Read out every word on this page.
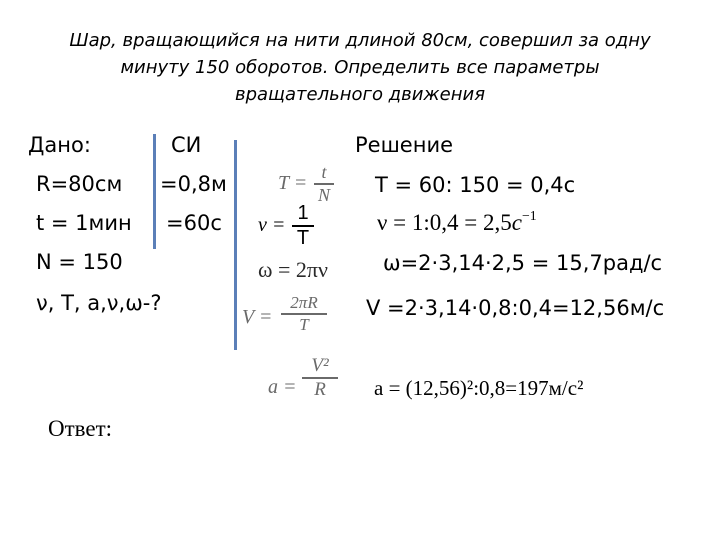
Шар, вращающийся на нити длиной 80см, совершил за одну
минуту 150 оборотов. Определить все параметры
вращательного движения
Дано:
R=80см
t = 1мин
N = 150
ν, T, a,ν,ω-?
СИ
=0,8м
=60с
T = t
N
ν =
1
T
ω = 2πν
V =
2πR
T
a =
V²
R
Решение
T = 60: 150 = 0,4с
ν = 1:0,4 = $2,5c^{-1}$
ω=2·3,14·2,5 = 15,7рад/с
V =2·3,14·0,8:0,4=12,56м/с
a = (12,56)²:0,8=197м/с²
Ответ:
